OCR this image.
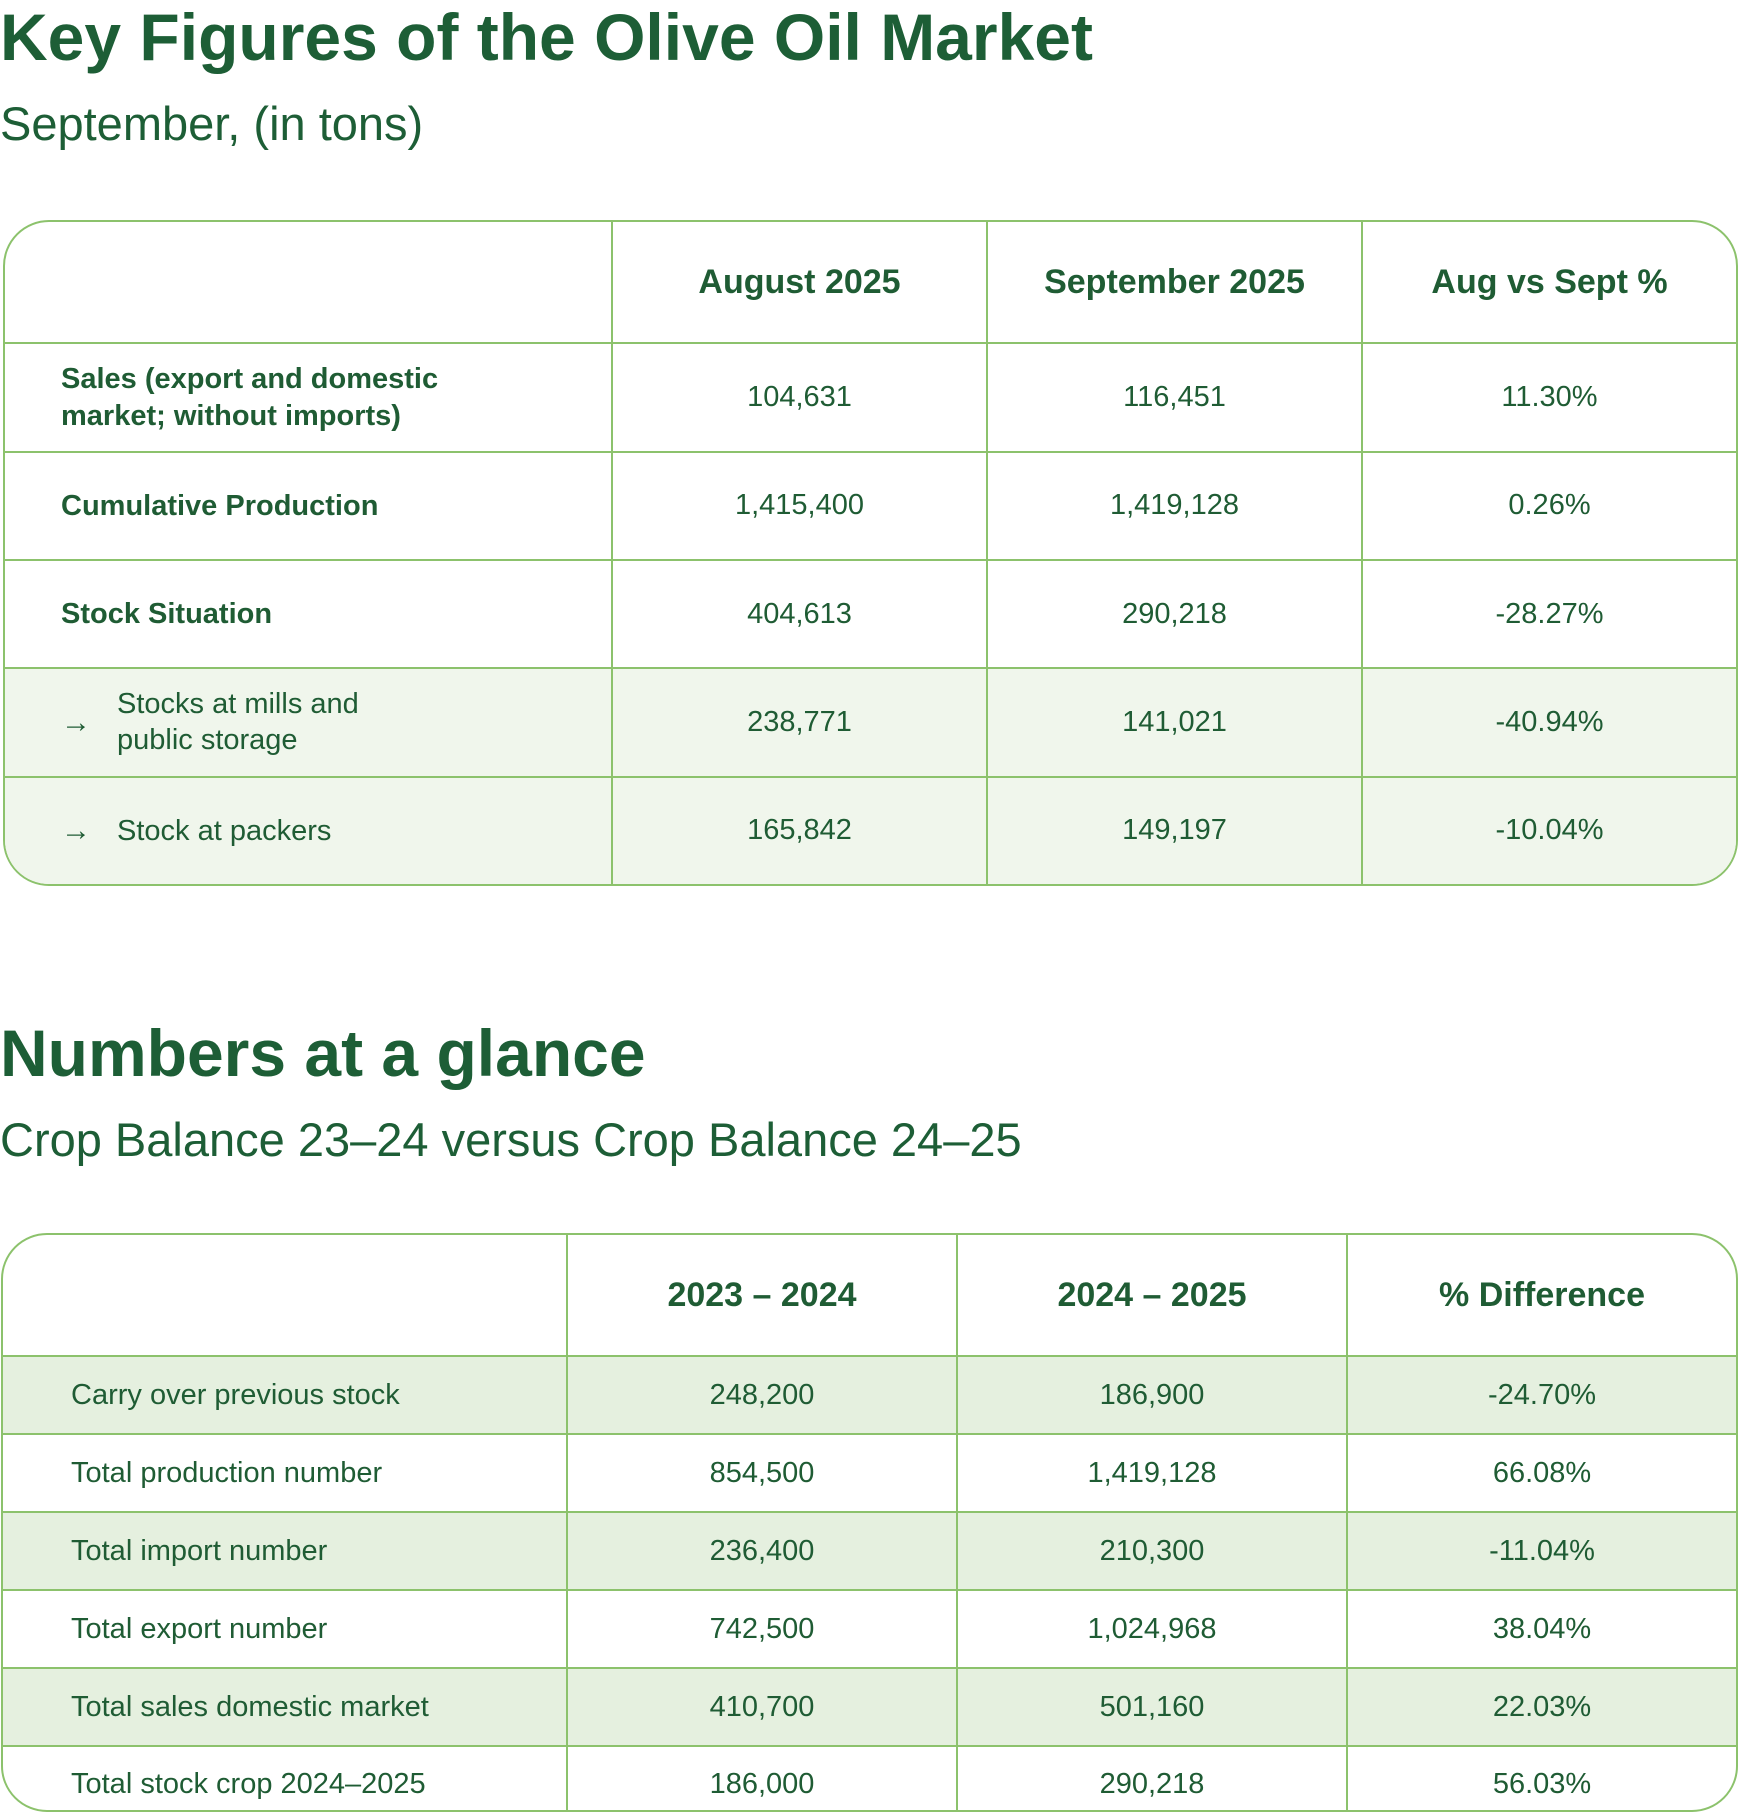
Key Figures of the Olive Oil Market
September, (in tons)
	August 2025	September 2025	Aug vs Sept %
Sales (export and domestic
market; without imports)	104,631	116,451	11.30%
Cumulative Production	1,415,400	1,419,128	0.26%
Stock Situation	404,613	290,218	-28.27%
→Stocks at mills and
public storage	238,771	141,021	-40.94%
→ Stock at packers	165,842	149,197	-10.04%
Numbers at a glance
Crop Balance 23–24 versus Crop Balance 24–25
	2023 – 2024	2024 – 2025	% Difference
Carry over previous stock	248,200	186,900	-24.70%
Total production number	854,500	1,419,128	66.08%
Total import number	236,400	210,300	-11.04%
Total export number	742,500	1,024,968	38.04%
Total sales domestic market	410,700	501,160	22.03%
Total stock crop 2024–2025	186,000	290,218	56.03%
